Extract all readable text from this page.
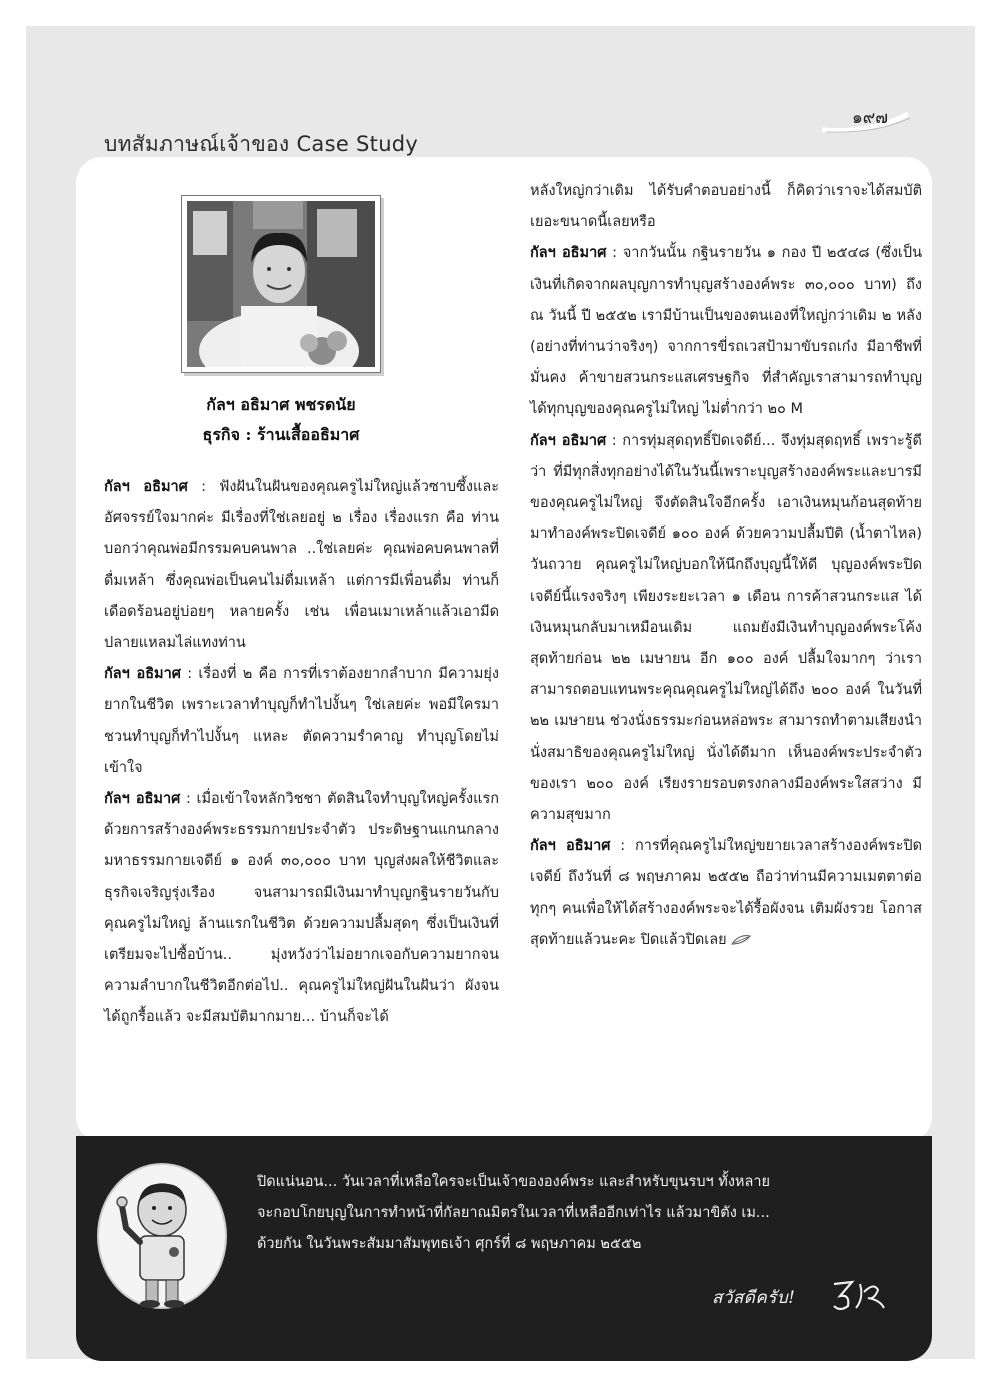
๑๙๗
บทสัมภาษณ์เจ้าของ Case Study
กัลฯ อธิมาศ พชรดนัย
ธุรกิจ : ร้านเสื้ออธิมาศ

กัลฯ อธิมาศ : ฟังฝันในฝันของคุณครูไม่ใหญ่แล้วซาบซึ้งและอัศจรรย์ใจมากค่ะ มีเรื่องที่ใช่เลยอยู่ ๒ เรื่อง เรื่องแรก คือ ท่านบอกว่าคุณพ่อมีกรรมคบคนพาล ..ใช่เลยค่ะ คุณพ่อคบคนพาลที่ดื่มเหล้า ซึ่งคุณพ่อเป็นคนไม่ดื่มเหล้า แต่การมีเพื่อนดื่ม ท่านก็เดือดร้อนอยู่บ่อยๆ หลายครั้ง เช่น เพื่อนเมาเหล้าแล้วเอามีดปลายแหลมไล่แทงท่าน

กัลฯ อธิมาศ : เรื่องที่ ๒ คือ การที่เราต้องยากลำบาก มีความยุ่งยากในชีวิต เพราะเวลาทำบุญก็ทำไปงั้นๆ ใช่เลยค่ะ พอมีใครมาชวนทำบุญก็ทำไปงั้นๆ แหละ ตัดความรำคาญ ทำบุญโดยไม่เข้าใจ

กัลฯ อธิมาศ : เมื่อเข้าใจหลักวิชชา ตัดสินใจทำบุญใหญ่ครั้งแรกด้วยการสร้างองค์พระธรรมกายประจำตัว ประดิษฐานแกนกลางมหาธรรมกายเจดีย์ ๑ องค์ ๓๐,๐๐๐ บาท บุญส่งผลให้ชีวิตและธุรกิจเจริญรุ่งเรือง จนสามารถมีเงินมาทำบุญกฐินรายวันกับคุณครูไม่ใหญ่ ล้านแรกในชีวิต ด้วยความปลื้มสุดๆ ซึ่งเป็นเงินที่เตรียมจะไปซื้อบ้าน.. มุ่งหวังว่าไม่อยากเจอกับความยากจน ความลำบากในชีวิตอีกต่อไป.. คุณครูไม่ใหญ่ฝันในฝันว่า ผังจนได้ถูกรื้อแล้ว จะมีสมบัติมากมาย... บ้านก็จะได้

หลังใหญ่กว่าเดิม ได้รับคำตอบอย่างนี้ ก็คิดว่าเราจะได้สมบัติเยอะขนาดนี้เลยหรือ

กัลฯ อธิมาศ : จากวันนั้น กฐินรายวัน ๑ กอง ปี ๒๕๔๘ (ซึ่งเป็นเงินที่เกิดจากผลบุญการทำบุญสร้างองค์พระ ๓๐,๐๐๐ บาท) ถึง ณ วันนี้ ปี ๒๕๕๒ เรามีบ้านเป็นของตนเองที่ใหญ่กว่าเดิม ๒ หลัง (อย่างที่ท่านว่าจริงๆ) จากการขี่รถเวสป้ามาขับรถเก๋ง มีอาชีพที่มั่นคง ค้าขายสวนกระแสเศรษฐกิจ ที่สำคัญเราสามารถทำบุญได้ทุกบุญของคุณครูไม่ใหญ่ ไม่ต่ำกว่า ๒๐ M

กัลฯ อธิมาศ : การทุ่มสุดฤทธิ์ปิดเจดีย์... จึงทุ่มสุดฤทธิ์ เพราะรู้ดีว่า ที่มีทุกสิ่งทุกอย่างได้ในวันนี้เพราะบุญสร้างองค์พระและบารมีของคุณครูไม่ใหญ่ จึงตัดสินใจอีกครั้ง เอาเงินหมุนก้อนสุดท้ายมาทำองค์พระปิดเจดีย์ ๑๐๐ องค์ ด้วยความปลื้มปีติ (น้ำตาไหล) วันถวาย คุณครูไม่ใหญ่บอกให้นึกถึงบุญนี้ให้ดี บุญองค์พระปิดเจดีย์นี้แรงจริงๆ เพียงระยะเวลา ๑ เดือน การค้าสวนกระแส ได้เงินหมุนกลับมาเหมือนเดิม แถมยังมีเงินทำบุญองค์พระโค้งสุดท้ายก่อน ๒๒ เมษายน อีก ๑๐๐ องค์ ปลื้มใจมากๆ ว่าเราสามารถตอบแทนพระคุณคุณครูไม่ใหญ่ได้ถึง ๒๐๐ องค์ ในวันที่ ๒๒ เมษายน ช่วงนั่งธรรมะก่อนหล่อพระ สามารถทำตามเสียงนำนั่งสมาธิของคุณครูไม่ใหญ่ นั่งได้ดีมาก เห็นองค์พระประจำตัวของเรา ๒๐๐ องค์ เรียงรายรอบตรงกลางมีองค์พระใสสว่าง มีความสุขมาก

กัลฯ อธิมาศ : การที่คุณครูไม่ใหญ่ขยายเวลาสร้างองค์พระปิดเจดีย์ ถึงวันที่ ๘ พฤษภาคม ๒๕๕๒ ถือว่าท่านมีความเมตตาต่อทุกๆ คนเพื่อให้ได้สร้างองค์พระจะได้รื้อผังจน เติมผังรวย โอกาสสุดท้ายแล้วนะคะ ปิดแล้วปิดเลย

ปิดแน่นอน... วันเวลาที่เหลือใครจะเป็นเจ้าขององค์พระ และสำหรับขุนรบฯ ทั้งหลาย

จะกอบโกยบุญในการทำหน้าที่กัลยาณมิตรในเวลาที่เหลืออีกเท่าไร แล้วมาขิตัง เม...

ด้วยกัน ในวันพระสัมมาสัมพุทธเจ้า ศุกร์ที่ ๘ พฤษภาคม ๒๕๕๒

สวัสดีครับ!
